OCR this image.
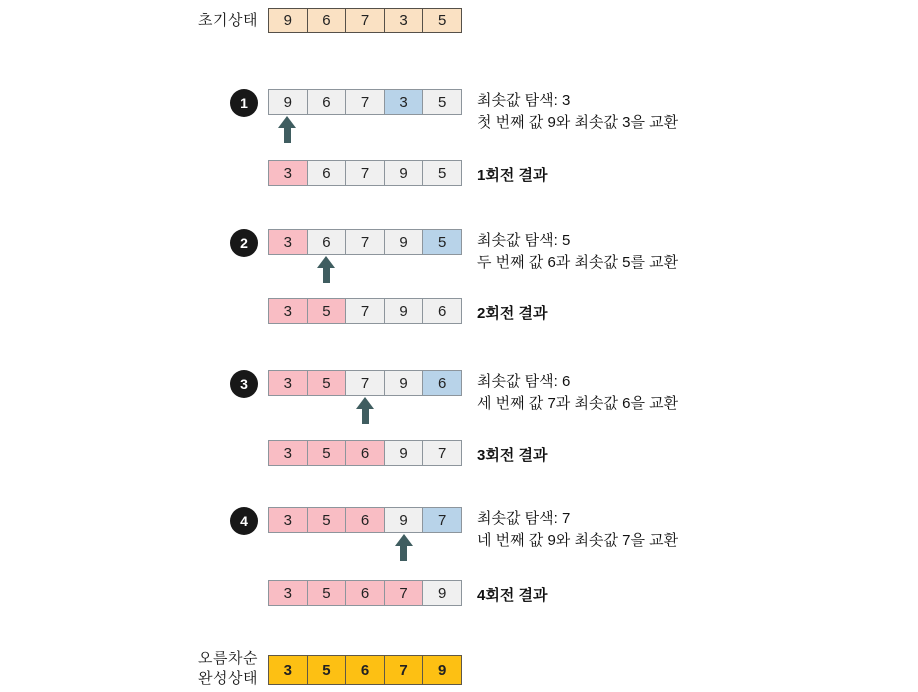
초기상태	9	6	7	3	5
1	9	6	7	3	5	최솟값 탐색: 3
첫 번째 값 9와 최솟값 3을 교환
3	6	7	9	5	1회전 결과
2	3	6	7	9	5	최솟값 탐색: 5
두 번째 값 6과 최솟값 5를 교환
3	5	7	9	6	2회전 결과
3	3	5	7	9	6	최솟값 탐색: 6
세 번째 값 7과 최솟값 6을 교환
3	5	6	9	7	3회전 결과
4	3	5	6	9	7	최솟값 탐색: 7
네 번째 값 9와 최솟값 7을 교환
3	5	6	7	9	4회전 결과
오름차순
완성상태	3	5	6	7	9
